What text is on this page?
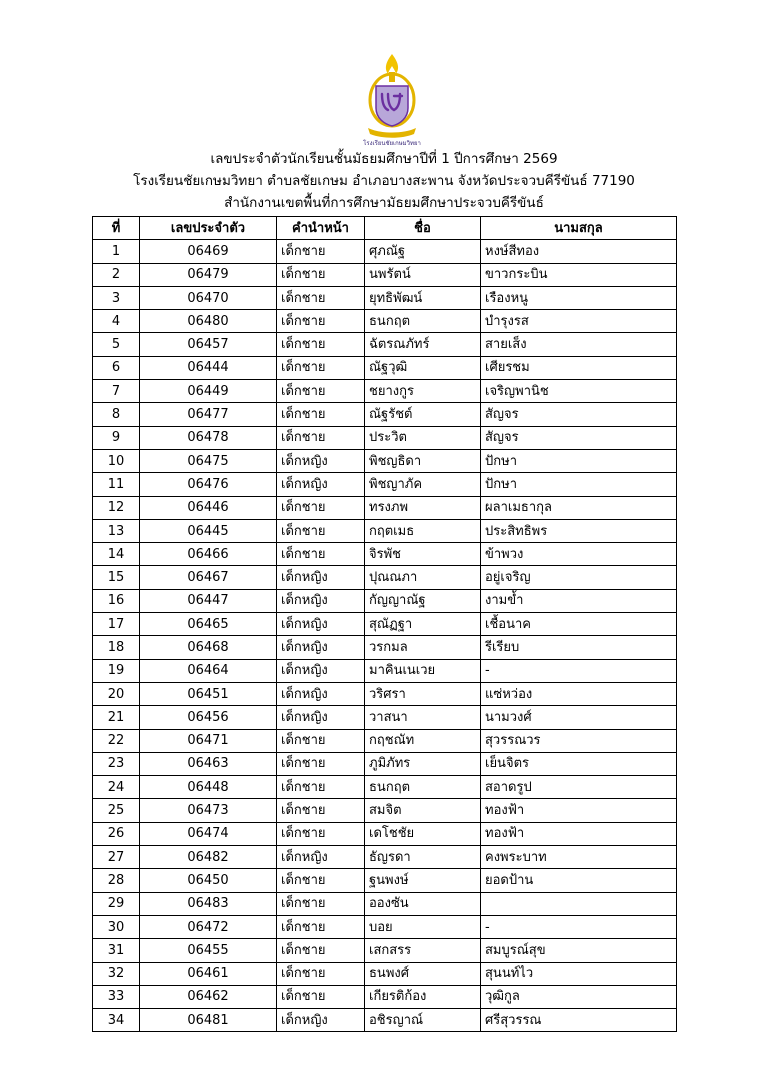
โรงเรียนชัยเกษมวิทยา
เลขประจำตัวนักเรียนชั้นมัธยมศึกษาปีที่ 1 ปีการศึกษา 2569
โรงเรียนชัยเกษมวิทยา ตำบลชัยเกษม อำเภอบางสะพาน จังหวัดประจวบคีรีขันธ์ 77190
สำนักงานเขตพื้นที่การศึกษามัธยมศึกษาประจวบคีรีขันธ์
ที่	เลขประจำตัว	คำนำหน้า	ชื่อ	นามสกุล
1	06469	เด็กชาย	ศุภณัฐ	หงษ์สีทอง
2	06479	เด็กชาย	นพรัตน์	ขาวกระบิน
3	06470	เด็กชาย	ยุทธิพัฒน์	เรืองหนู
4	06480	เด็กชาย	ธนกฤต	บำรุงรส
5	06457	เด็กชาย	ฉัตรณภัทร์	สายเส็ง
6	06444	เด็กชาย	ณัฐวุฒิ	เศียรชม
7	06449	เด็กชาย	ชยางกูร	เจริญพานิช
8	06477	เด็กชาย	ณัฐรัชต์	สัญจร
9	06478	เด็กชาย	ประวิต	สัญจร
10	06475	เด็กหญิง	พิชญธิดา	ปักษา
11	06476	เด็กหญิง	พิชญาภัค	ปักษา
12	06446	เด็กชาย	ทรงภพ	ผลาเมธากุล
13	06445	เด็กชาย	กฤตเมธ	ประสิทธิพร
14	06466	เด็กชาย	จิรพัช	ข้าพวง
15	06467	เด็กหญิง	ปุณณภา	อยู่เจริญ
16	06447	เด็กหญิง	กัญญาณัฐ	งามข้ำ
17	06465	เด็กหญิง	สุณัฏฐา	เชื้อนาค
18	06468	เด็กหญิง	วรกมล	รีเรียบ
19	06464	เด็กหญิง	มาคินเนเวย	-
20	06451	เด็กหญิง	วริศรา	แซ่หว่อง
21	06456	เด็กหญิง	วาสนา	นามวงศ์
22	06471	เด็กชาย	กฤชณัท	สุวรรณวร
23	06463	เด็กชาย	ภูมิภัทร	เย็นจิตร
24	06448	เด็กชาย	ธนกฤต	สอาดรูป
25	06473	เด็กชาย	สมจิต	ทองฟ้า
26	06474	เด็กชาย	เดโชชัย	ทองฟ้า
27	06482	เด็กหญิง	ธัญรดา	คงพระบาท
28	06450	เด็กชาย	ฐนพงษ์	ยอดป้าน
29	06483	เด็กชาย	อองซัน	
30	06472	เด็กชาย	บอย	-
31	06455	เด็กชาย	เสกสรร	สมบูรณ์สุข
32	06461	เด็กชาย	ธนพงศ์	สุนนท์ไว
33	06462	เด็กชาย	เกียรติก้อง	วุฒิกูล
34	06481	เด็กหญิง	อชิรญาณ์	ศรีสุวรรณ
